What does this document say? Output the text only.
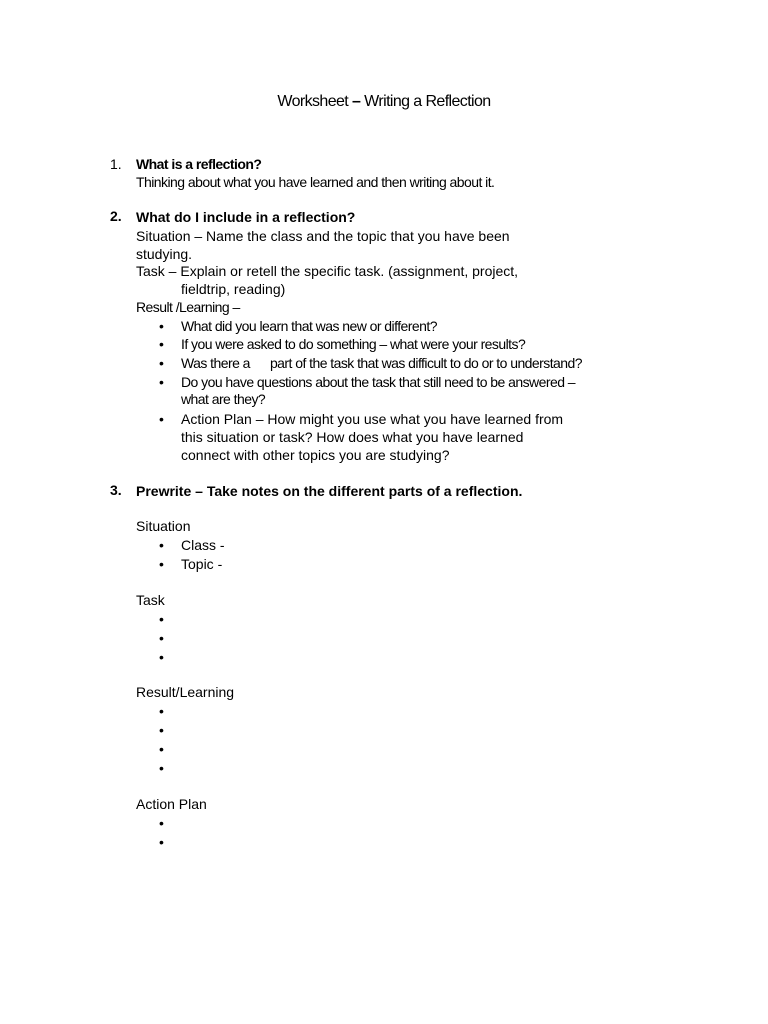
Worksheet – Writing a Reflection
1. What is a reflection?
Thinking about what you have learned and then writing about it.
2. What do I include in a reflection?
Situation – Name the class and the topic that you have been
studying.
Task – Explain or retell the specific task. (assignment, project,
fieldtrip, reading)
Result /Learning –
• What did you learn that was new or different?
• If you were asked to do something – what were your results?
• Was there a      part of the task that was difficult to do or to understand?
• Do you have questions about the task that still need to be answered –
what are they?
• Action Plan – How might you use what you have learned from
this situation or task? How does what you have learned
connect with other topics you are studying?
3. Prewrite – Take notes on the different parts of a reflection.
Situation
• Class -
• Topic -
Task
•
•
•
Result/Learning
•
•
•
•
Action Plan
•
•
